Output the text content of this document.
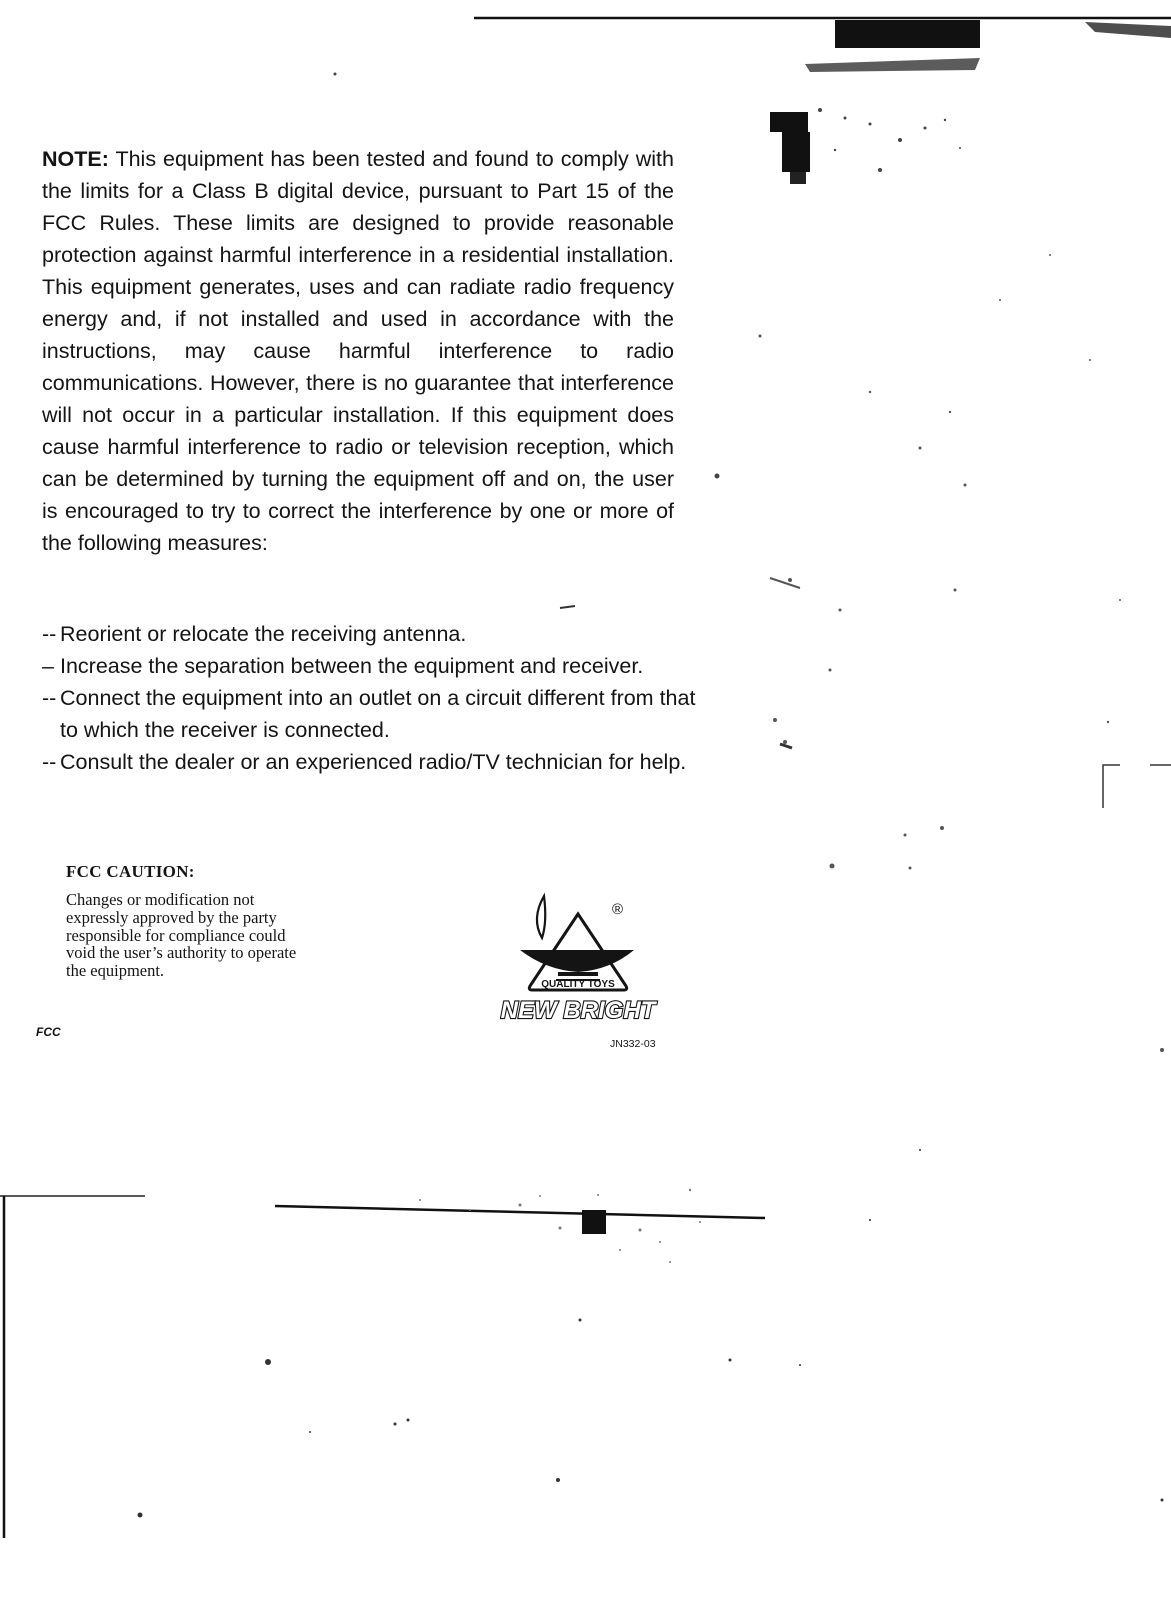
NOTE: This equipment has been tested and found to comply with the limits for a Class B digital device, pursuant to Part 15 of the FCC Rules. These limits are designed to provide reasonable protection against harmful interference in a residential installation. This equipment generates, uses and can radiate radio frequency energy and, if not installed and used in accordance with the instructions, may cause harmful interference to radio communications. However, there is no guarantee that interference will not occur in a particular installation. If this equipment does cause harmful interference to radio or television reception, which can be determined by turning the equipment off and on, the user is encouraged to try to correct the interference by one or more of the following measures:

-- Reorient or relocate the receiving antenna.
– Increase the separation between the equipment and receiver.
-- Connect the equipment into an outlet on a circuit different from that to which the receiver is connected.
-- Consult the dealer or an experienced radio/TV technician for help.

FCC CAUTION:

Changes or modification not expressly approved by the party responsible for compliance could void the user’s authority to operate the equipment.

FCC
®
QUALITY TOYS
NEW BRIGHT
JN332-03
